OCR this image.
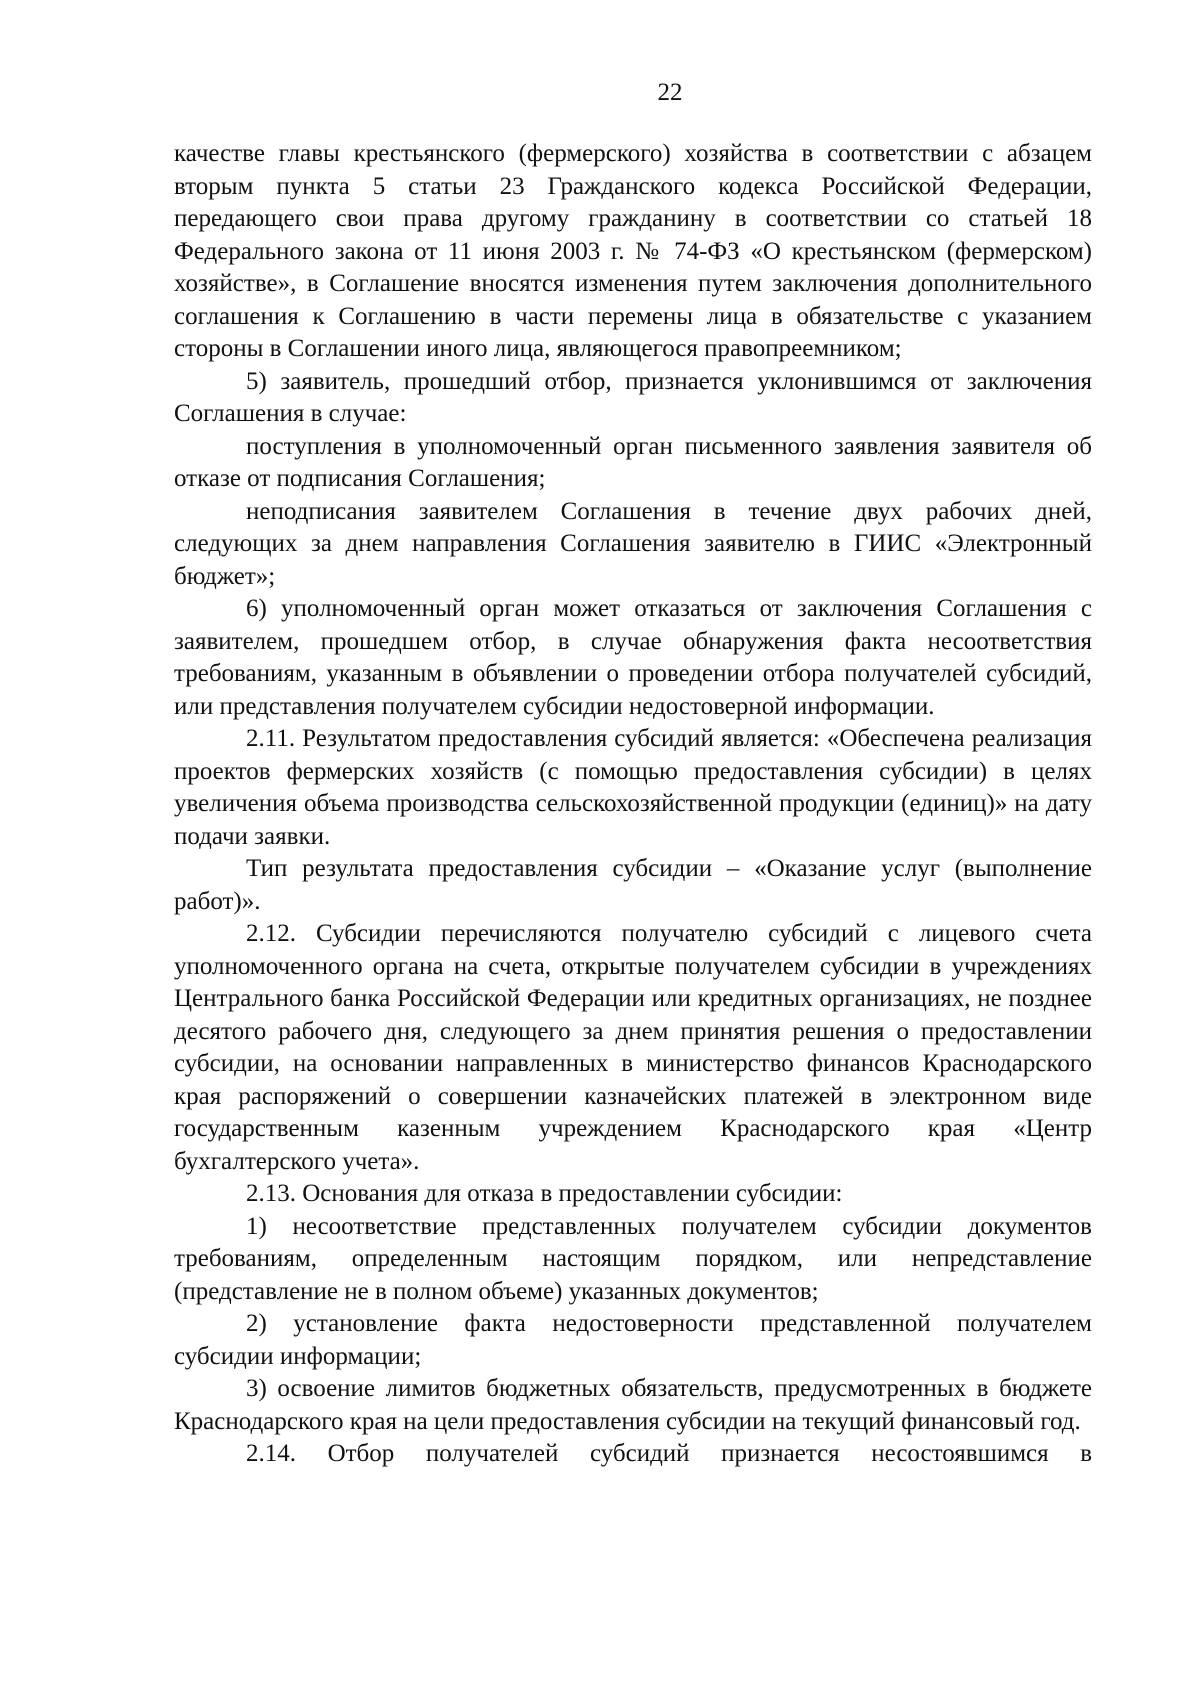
22

качестве главы крестьянского (фермерского) хозяйства в соответствии с абзацем вторым пункта 5 статьи 23 Гражданского кодекса Российской Федерации, передающего свои права другому гражданину в соответствии со статьей 18 Федерального закона от 11 июня 2003 г. № 74-ФЗ «О крестьянском (фермерском) хозяйстве», в Соглашение вносятся изменения путем заключения дополнительного соглашения к Соглашению в части перемены лица в обязательстве с указанием стороны в Соглашении иного лица, являющегося правопреемником;

5) заявитель, прошедший отбор, признается уклонившимся от заключения Соглашения в случае:

поступления в уполномоченный орган письменного заявления заявителя об отказе от подписания Соглашения;

неподписания заявителем Соглашения в течение двух рабочих дней, следующих за днем направления Соглашения заявителю в ГИИС «Электронный бюджет»;

6) уполномоченный орган может отказаться от заключения Соглашения с заявителем, прошедшем отбор, в случае обнаружения факта несоответствия требованиям, указанным в объявлении о проведении отбора получателей субсидий, или представления получателем субсидии недостоверной информации.

2.11. Результатом предоставления субсидий является: «Обеспечена реализация проектов фермерских хозяйств (с помощью предоставления субсидии) в целях увеличения объема производства сельскохозяйственной продукции (единиц)» на дату подачи заявки.

Тип результата предоставления субсидии – «Оказание услуг (выполнение работ)».

2.12. Субсидии перечисляются получателю субсидий с лицевого счета уполномоченного органа на счета, открытые получателем субсидии в учреждениях Центрального банка Российской Федерации или кредитных организациях, не позднее десятого рабочего дня, следующего за днем принятия решения о предоставлении субсидии, на основании направленных в министерство финансов Краснодарского края распоряжений о совершении казначейских платежей в электронном виде государственным казенным учреждением Краснодарского края «Центр бухгалтерского учета».

2.13. Основания для отказа в предоставлении субсидии:

1) несоответствие представленных получателем субсидии документов требованиям, определенным настоящим порядком, или непредставление (представление не в полном объеме) указанных документов;

2) установление факта недостоверности представленной получателем субсидии информации;

3) освоение лимитов бюджетных обязательств, предусмотренных в бюджете Краснодарского края на цели предоставления субсидии на текущий финансовый год.

2.14. Отбор получателей субсидий признается несостоявшимся в
